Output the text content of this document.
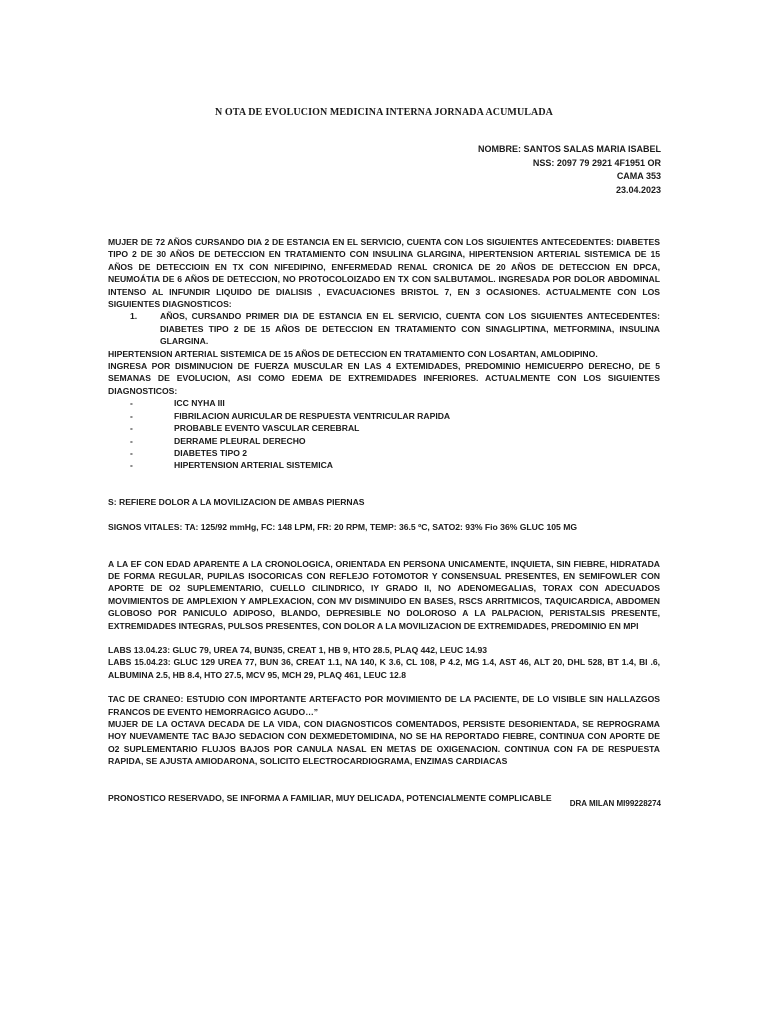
N OTA DE EVOLUCION MEDICINA INTERNA JORNADA ACUMULADA
NOMBRE: SANTOS SALAS MARIA ISABEL
NSS: 2097 79 2921 4F1951 OR
CAMA 353
23.04.2023

MUJER DE 72 AÑOS CURSANDO DIA 2 DE ESTANCIA EN EL SERVICIO, CUENTA CON LOS SIGUIENTES ANTECEDENTES: DIABETES TIPO 2 DE 30 AÑOS DE DETECCION EN TRATAMIENTO CON INSULINA GLARGINA, HIPERTENSION ARTERIAL SISTEMICA DE 15 AÑOS DE DETECCIOIN EN TX CON NIFEDIPINO, ENFERMEDAD RENAL CRONICA DE 20 AÑOS DE DETECCION EN DPCA, NEUMOÁTIA DE 6 AÑOS DE DETECCION, NO PROTOCOLOIZADO EN TX CON SALBUTAMOL. INGRESADA POR DOLOR ABDOMINAL INTENSO AL INFUNDIR LIQUIDO DE DIALISIS , EVACUACIONES BRISTOL 7, EN 3 OCASIONES. ACTUALMENTE CON LOS SIGUIENTES DIAGNOSTICOS:

1.	AÑOS, CURSANDO PRIMER DIA DE ESTANCIA EN EL SERVICIO, CUENTA CON LOS SIGUIENTES ANTECEDENTES: DIABETES TIPO 2 DE 15 AÑOS DE DETECCION EN TRATAMIENTO CON SINAGLIPTINA, METFORMINA, INSULINA GLARGINA.

HIPERTENSION ARTERIAL SISTEMICA DE 15 AÑOS DE DETECCION EN TRATAMIENTO CON LOSARTAN, AMLODIPINO.

INGRESA POR DISMINUCION DE FUERZA MUSCULAR EN LAS 4 EXTEMIDADES, PREDOMINIO HEMICUERPO DERECHO, DE 5 SEMANAS DE EVOLUCION, ASI COMO EDEMA DE EXTREMIDADES INFERIORES. ACTUALMENTE CON LOS SIGUIENTES DIAGNOSTICOS:

-	ICC NYHA III
-	FIBRILACION AURICULAR DE RESPUESTA VENTRICULAR RAPIDA
-	PROBABLE EVENTO VASCULAR CEREBRAL
-	DERRAME PLEURAL DERECHO
-	DIABETES TIPO 2
-	HIPERTENSION ARTERIAL SISTEMICA

S: REFIERE DOLOR A LA MOVILIZACION DE AMBAS PIERNAS

SIGNOS VITALES: TA: 125/92 mmHg, FC: 148 LPM, FR: 20 RPM, TEMP: 36.5 ºC, SATO2: 93% Fio 36% GLUC 105 MG

A LA EF CON EDAD APARENTE A LA CRONOLOGICA, ORIENTADA EN PERSONA UNICAMENTE, INQUIETA, SIN FIEBRE, HIDRATADA DE FORMA REGULAR, PUPILAS ISOCORICAS CON REFLEJO FOTOMOTOR Y CONSENSUAL PRESENTES, EN SEMIFOWLER CON APORTE DE O2 SUPLEMENTARIO, CUELLO CILINDRICO, IY GRADO II, NO ADENOMEGALIAS, TORAX CON ADECUADOS MOVIMIENTOS DE AMPLEXION Y AMPLEXACION, CON MV DISMINUIDO EN BASES, RSCS ARRITMICOS, TAQUICARDICA, ABDOMEN GLOBOSO POR PANICULO ADIPOSO, BLANDO, DEPRESIBLE NO DOLOROSO A LA PALPACION, PERISTALSIS PRESENTE, EXTREMIDADES INTEGRAS, PULSOS PRESENTES, CON DOLOR A LA MOVILIZACION DE EXTREMIDADES, PREDOMINIO EN MPI

LABS 13.04.23: GLUC 79, UREA 74, BUN35, CREAT 1, HB 9, HTO 28.5, PLAQ 442, LEUC 14.93

LABS 15.04.23: GLUC 129 UREA 77, BUN 36, CREAT 1.1, NA 140, K 3.6, CL 108, P 4.2, MG 1.4, AST 46, ALT 20, DHL 528, BT 1.4, BI .6, ALBUMINA 2.5, HB 8.4, HTO 27.5, MCV 95, MCH 29, PLAQ 461, LEUC 12.8

TAC DE CRANEO: ESTUDIO CON IMPORTANTE ARTEFACTO POR MOVIMIENTO DE LA PACIENTE, DE LO VISIBLE SIN HALLAZGOS FRANCOS DE EVENTO HEMORRAGICO AGUDO…”

MUJER DE LA OCTAVA DECADA DE LA VIDA, CON DIAGNOSTICOS COMENTADOS, PERSISTE DESORIENTADA, SE REPROGRAMA HOY NUEVAMENTE TAC BAJO SEDACION CON DEXMEDETOMIDINA, NO SE HA REPORTADO FIEBRE, CONTINUA CON APORTE DE O2 SUPLEMENTARIO FLUJOS BAJOS POR CANULA NASAL EN METAS DE OXIGENACION. CONTINUA CON FA DE RESPUESTA RAPIDA, SE AJUSTA AMIODARONA, SOLICITO ELECTROCARDIOGRAMA, ENZIMAS CARDIACAS

PRONOSTICO RESERVADO, SE INFORMA A FAMILIAR, MUY DELICADA, POTENCIALMENTE COMPLICABLE

DRA MILAN MI99228274
